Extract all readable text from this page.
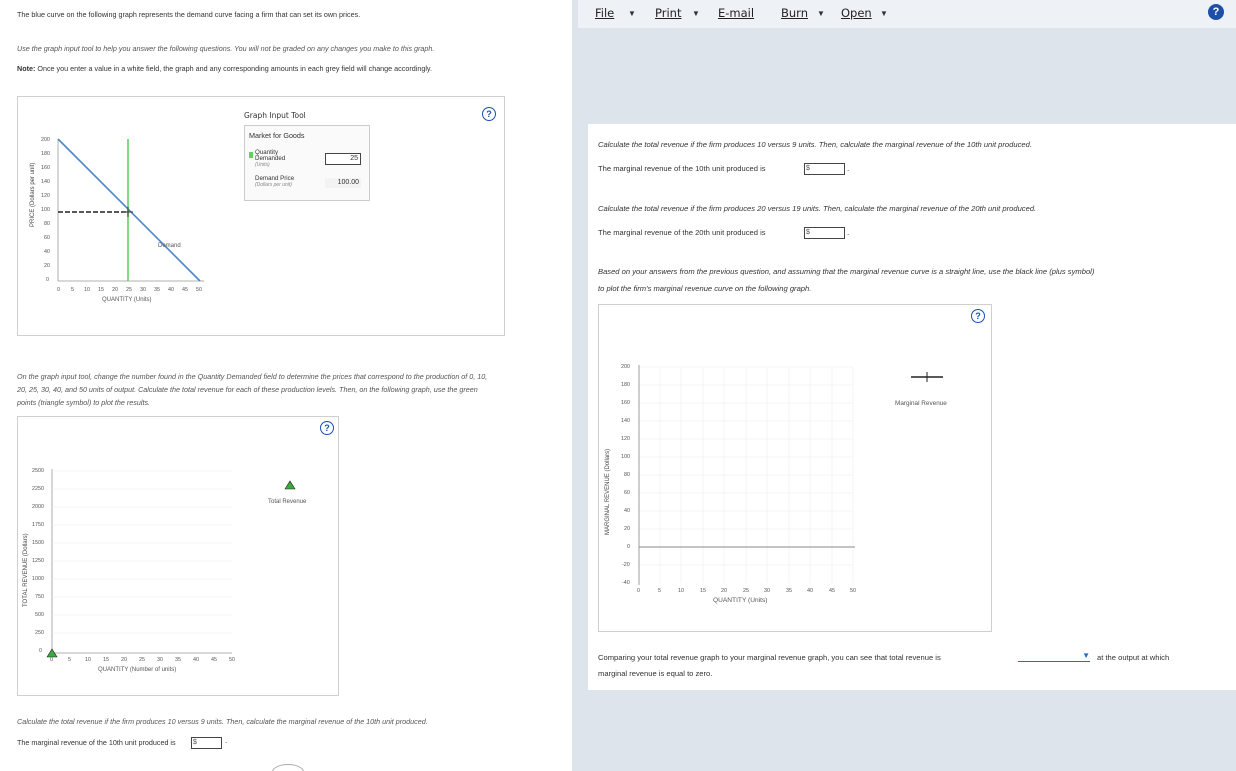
The blue curve on the following graph represents the demand curve facing a firm that can set its own prices.
Use the graph input tool to help you answer the following questions. You will not be graded on any changes you make to this graph.
Note: Once you enter a value in a white field, the graph and any corresponding amounts in each grey field will change accordingly.
PRICE (Dollars per unit)
Demand
200
180
160
140
120
100
80
60
40
20
0
0 5 10 15 20 25 30 35 40 45 50
QUANTITY (Units)
Graph Input Tool	?
Market for Goods
Quantity
Demanded
(Units)
25
Demand Price
(Dollars per unit)	100.00
On the graph input tool, change the number found in the Quantity Demanded field to determine the prices that correspond to the production of 0, 10,
20, 25, 30, 40, and 50 units of output. Calculate the total revenue for each of these production levels. Then, on the following graph, use the green
points (triangle symbol) to plot the results.
?
TOTAL REVENUE (Dollars)
Total Revenue
2500
2250
2000
1750
1500
1250
1000
750
500
250
0
0	5	10 15 20 25 30 35 40 45 50
QUANTITY (Number of units)
Calculate the total revenue if the firm produces 10 versus 9 units. Then, calculate the marginal revenue of the 10th unit produced.
The marginal revenue of the 10th unit produced is $	.
File ▼ Print ▼ E-mail Burn ▼ Open ▼	?
Calculate the total revenue if the firm produces 10 versus 9 units. Then, calculate the marginal revenue of the 10th unit produced.
The marginal revenue of the 10th unit produced is	$	.
Calculate the total revenue if the firm produces 20 versus 19 units. Then, calculate the marginal revenue of the 20th unit produced.
The marginal revenue of the 20th unit produced is	$	.
Based on your answers from the previous question, and assuming that the marginal revenue curve is a straight line, use the black line (plus symbol)
to plot the firm's marginal revenue curve on the following graph.
?
MARGINAL REVENUE (Dollars)
Marginal Revenue
200
180
160
140
120
100
80
60
40
20
0
-20
-40
0	5	10	15	20	25	30	35	40	45	50
QUANTITY (Units)
Comparing your total revenue graph to your marginal revenue graph, you can see that total revenue is	▼ at the output at which
marginal revenue is equal to zero.
